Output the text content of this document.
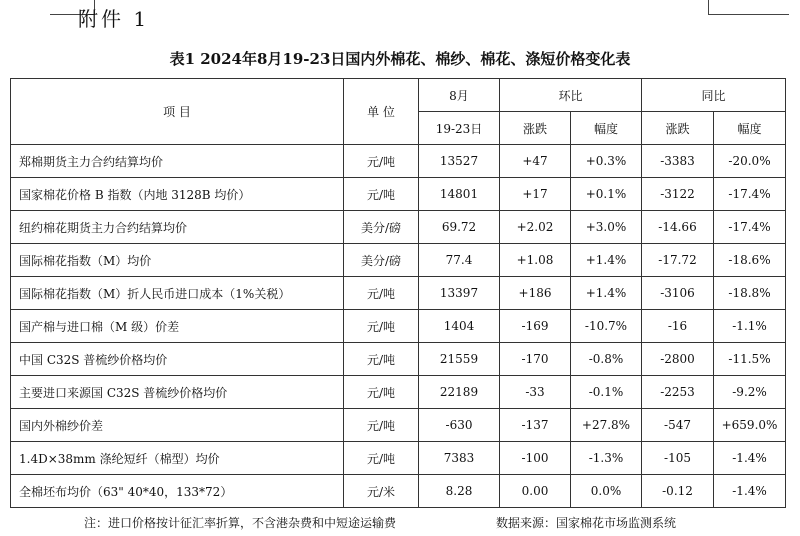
附件 1
表1 2024年8月19-23日国内外棉花、棉纱、棉花、涤短价格变化表
项 目	单 位	8月	环比		同比	
		19-23日	涨跌	幅度	涨跌	幅度
郑棉期货主力合约结算均价	元/吨	13527	+47	+0.3%	-3383	-20.0%
国家棉花价格 B 指数（内地 3128B 均价）	元/吨	14801	+17	+0.1%	-3122	-17.4%
纽约棉花期货主力合约结算均价	美分/磅	69.72	+2.02	+3.0%	-14.66	-17.4%
国际棉花指数（M）均价	美分/磅	77.4	+1.08	+1.4%	-17.72	-18.6%
国际棉花指数（M）折人民币进口成本（1%关税）	元/吨	13397	+186	+1.4%	-3106	-18.8%
国产棉与进口棉（M 级）价差	元/吨	1404	-169	-10.7%	-16	-1.1%
中国 C32S 普梳纱价格均价	元/吨	21559	-170	-0.8%	-2800	-11.5%
主要进口来源国 C32S 普梳纱价格均价	元/吨	22189	-33	-0.1%	-2253	-9.2%
国内外棉纱价差	元/吨	-630	-137	+27.8%	-547	+659.0%
1.4D×38mm 涤纶短纤（棉型）均价	元/吨	7383	-100	-1.3%	-105	-1.4%
全棉坯布均价（63" 40*40，133*72）	元/米	8.28	0.00	0.0%	-0.12	-1.4%
注：进口价格按计征汇率折算，不含港杂费和中短途运输费	数据来源：国家棉花市场监测系统
